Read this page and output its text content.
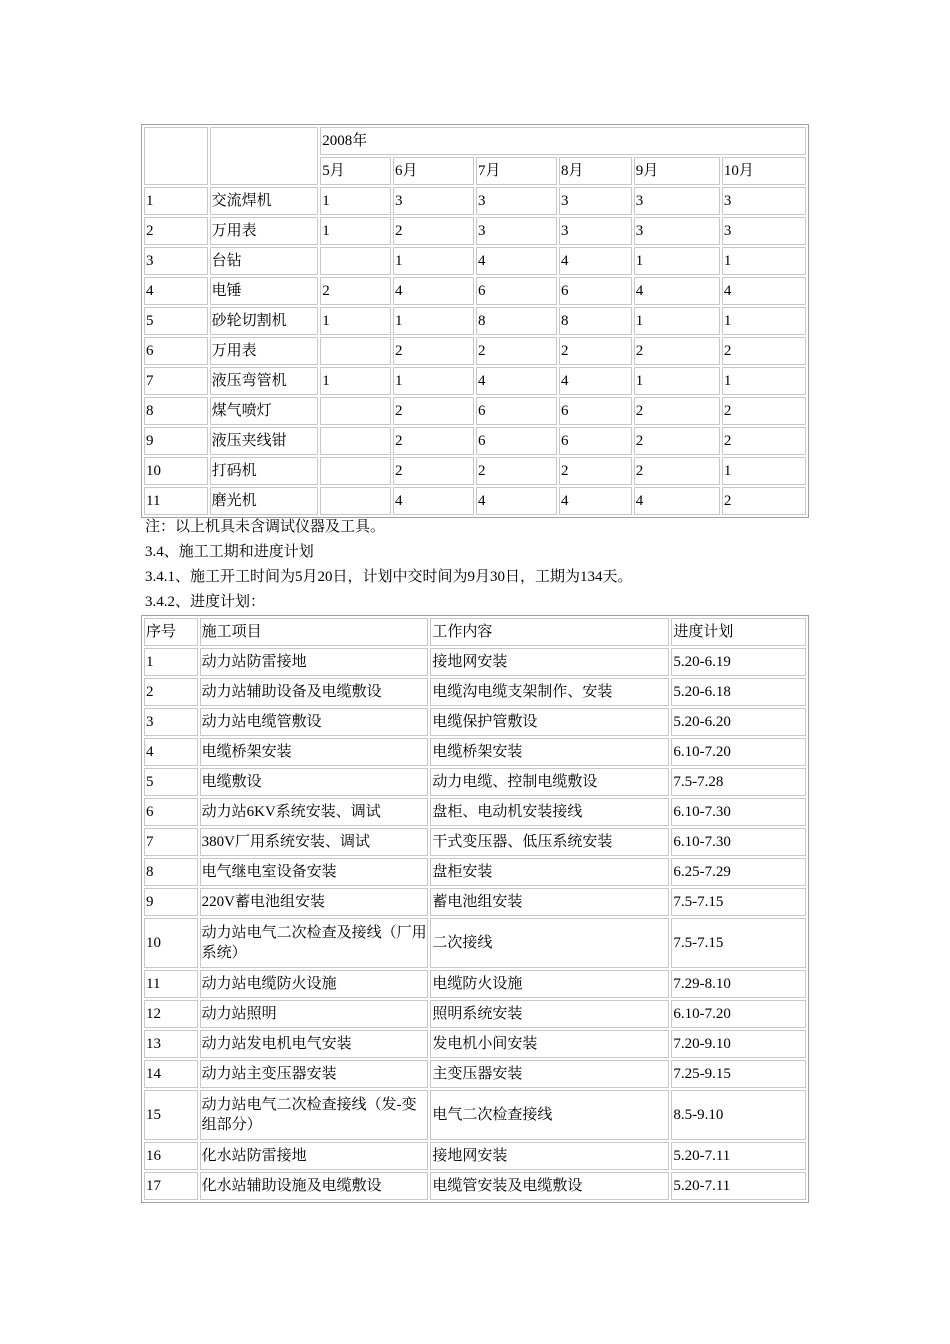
		2008年					
		5月	6月	7月	8月	9月	10月
1	交流焊机	1	3	3	3	3	3
2	万用表	1	2	3	3	3	3
3	台钻		1	4	4	1	1
4	电锤	2	4	6	6	4	4
5	砂轮切割机	1	1	8	8	1	1
6	万用表		2	2	2	2	2
7	液压弯管机	1	1	4	4	1	1
8	煤气喷灯		2	6	6	2	2
9	液压夹线钳		2	6	6	2	2
10	打码机		2	2	2	2	1
11	磨光机		4	4	4	4	2
注：以上机具未含调试仪器及工具。
3.4、施工工期和进度计划
3.4.1、施工开工时间为5月20日，计划中交时间为9月30日，工期为134天。
3.4.2、进度计划：
序号	施工项目	工作内容	进度计划
1	动力站防雷接地	接地网安装	5.20-6.19
2	动力站辅助设备及电缆敷设	电缆沟电缆支架制作、安装	5.20-6.18
3	动力站电缆管敷设	电缆保护管敷设	5.20-6.20
4	电缆桥架安装	电缆桥架安装	6.10-7.20
5	电缆敷设	动力电缆、控制电缆敷设	7.5-7.28
6	动力站6KV系统安装、调试	盘柜、电动机安装接线	6.10-7.30
7	380V厂用系统安装、调试	干式变压器、低压系统安装	6.10-7.30
8	电气继电室设备安装	盘柜安装	6.25-7.29
9	220V蓄电池组安装	蓄电池组安装	7.5-7.15
10	动力站电气二次检查及接线（厂用系统）	二次接线	7.5-7.15
11	动力站电缆防火设施	电缆防火设施	7.29-8.10
12	动力站照明	照明系统安装	6.10-7.20
13	动力站发电机电气安装	发电机小间安装	7.20-9.10
14	动力站主变压器安装	主变压器安装	7.25-9.15
15	动力站电气二次检查接线（发-变组部分）	电气二次检查接线	8.5-9.10
16	化水站防雷接地	接地网安装	5.20-7.11
17	化水站辅助设施及电缆敷设	电缆管安装及电缆敷设	5.20-7.11
